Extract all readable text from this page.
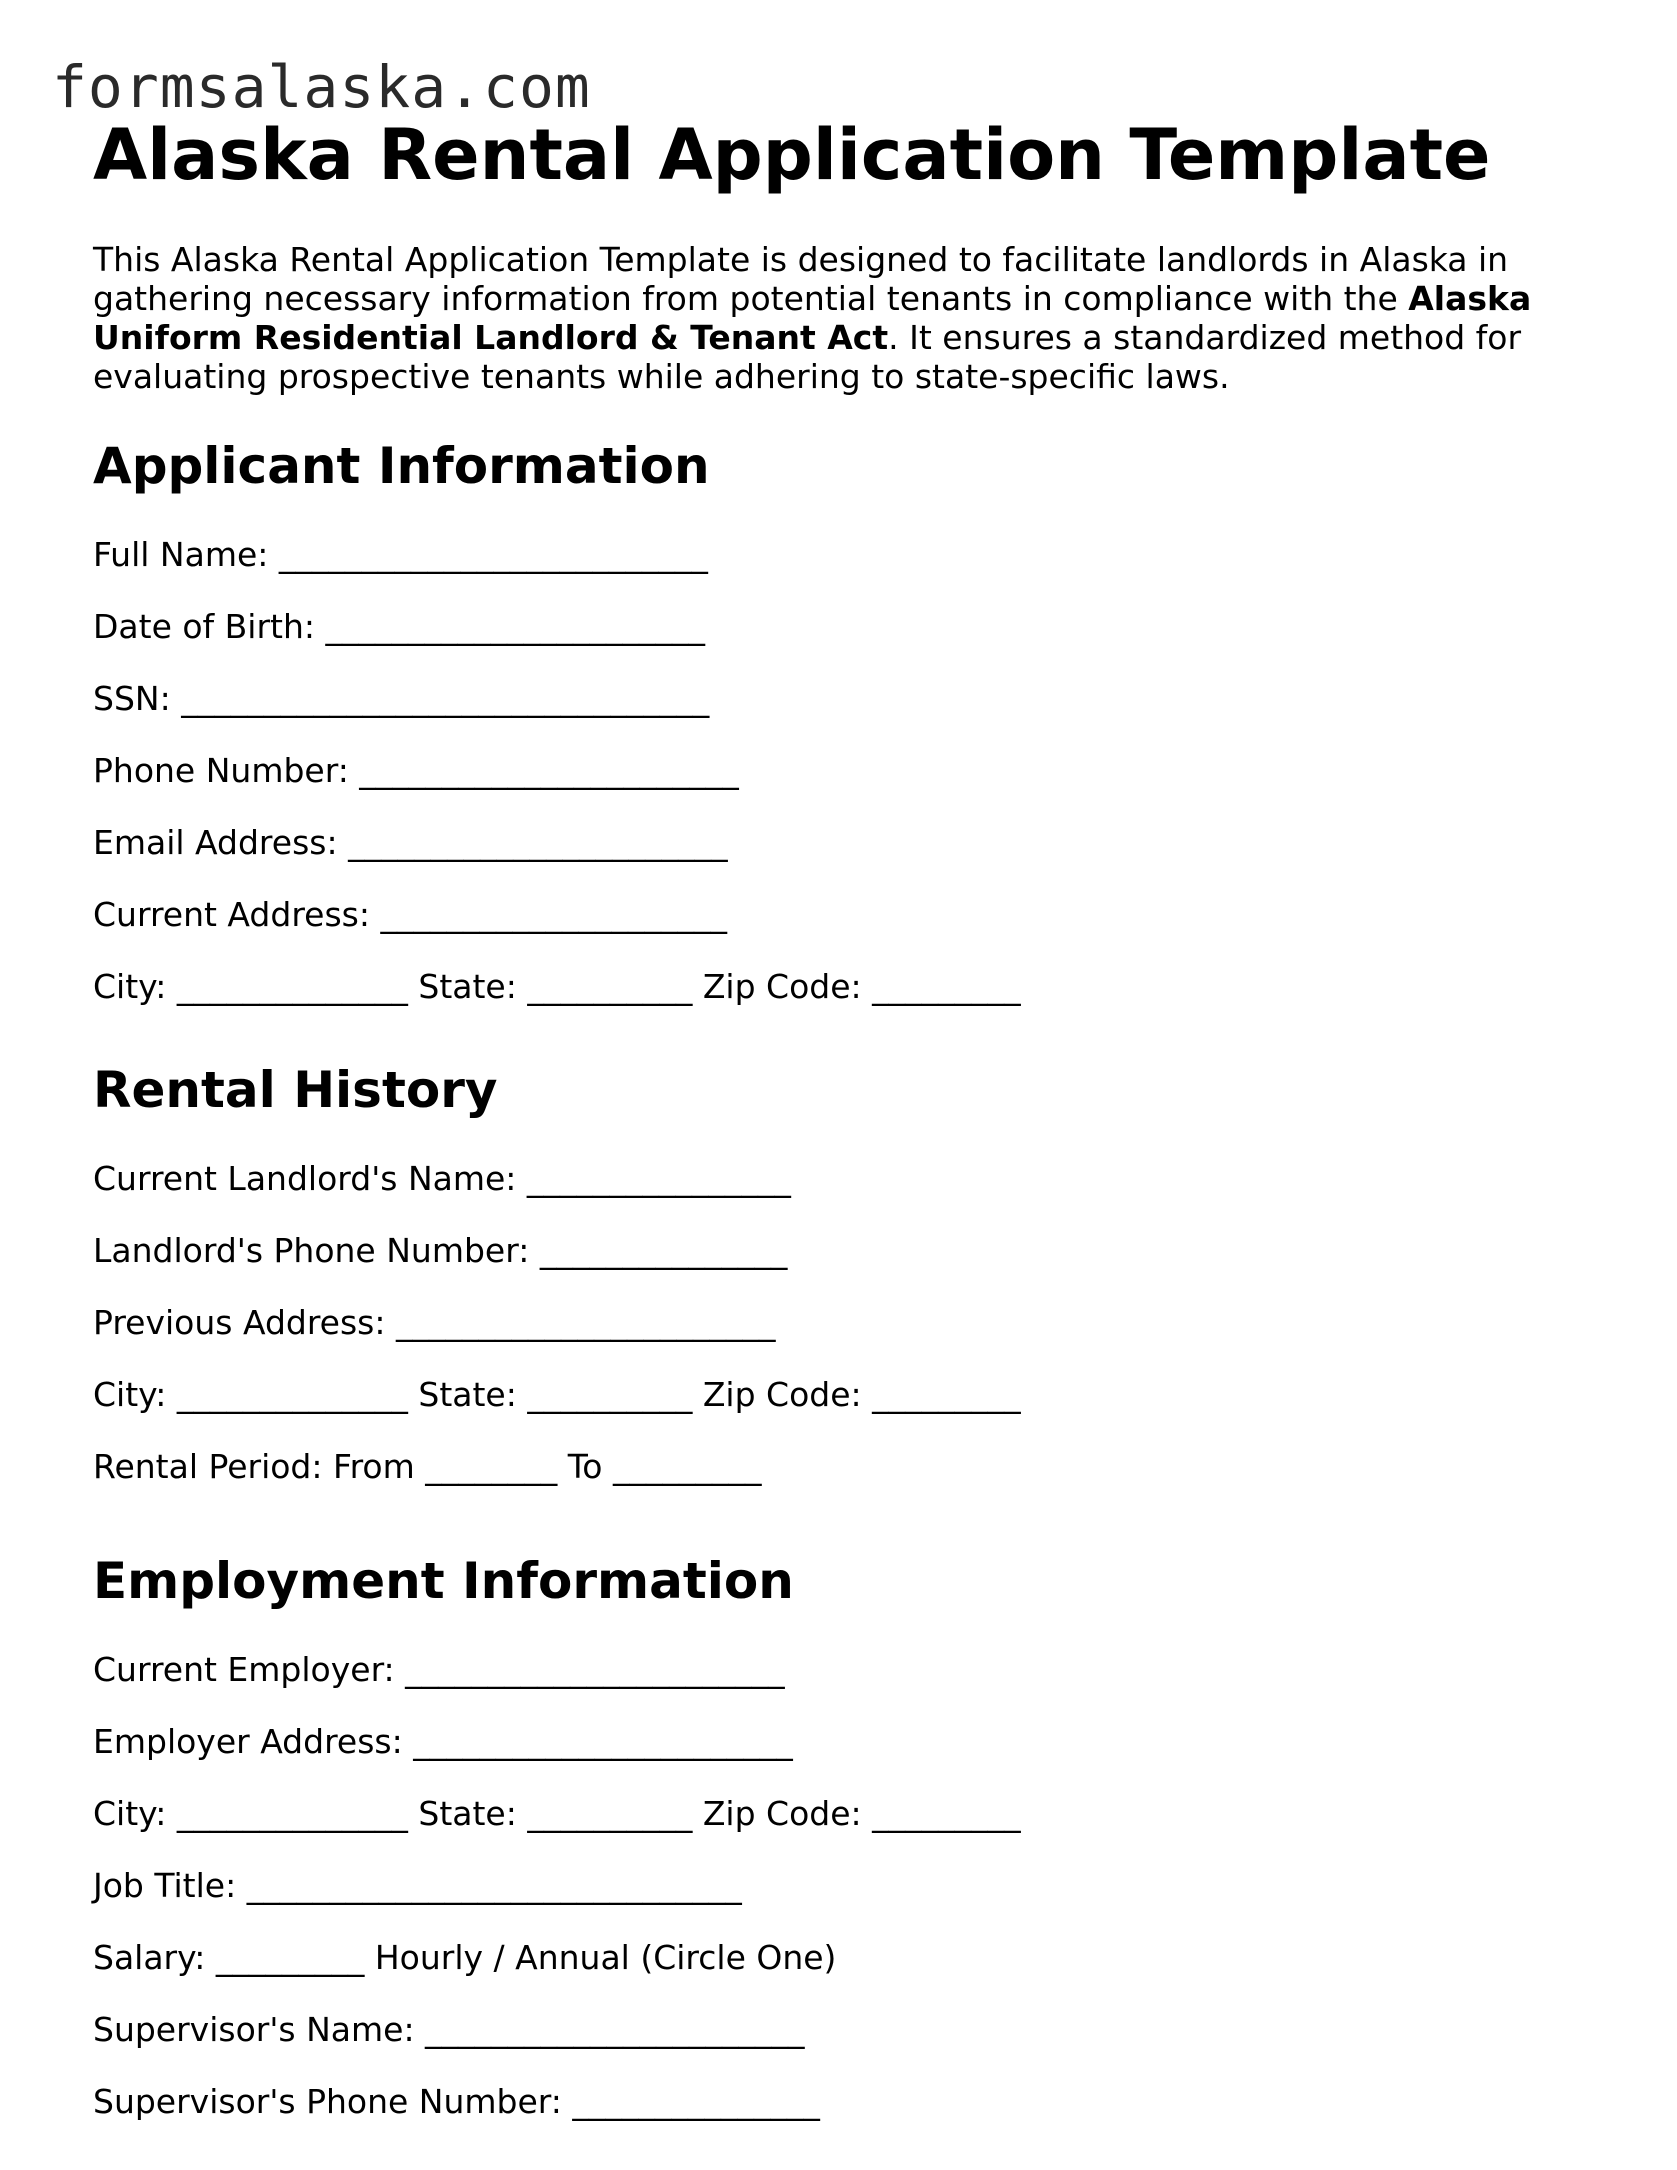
formsalaska.com
Alaska Rental Application Template

This Alaska Rental Application Template is designed to facilitate landlords in Alaska in gathering necessary information from potential tenants in compliance with the Alaska Uniform Residential Landlord & Tenant Act. It ensures a standardized method for evaluating prospective tenants while adhering to state-specific laws.

Applicant Information
Full Name: __________________________
Date of Birth: _______________________
SSN: ________________________________
Phone Number: _______________________
Email Address: _______________________
Current Address: _____________________
City: ______________ State: __________ Zip Code: _________
Rental History
Current Landlord's Name: ________________
Landlord's Phone Number: _______________
Previous Address: _______________________
City: ______________ State: __________ Zip Code: _________
Rental Period: From ________ To _________
Employment Information
Current Employer: _______________________
Employer Address: _______________________
City: ______________ State: __________ Zip Code: _________
Job Title: ______________________________
Salary: _________ Hourly / Annual (Circle One)
Supervisor's Name: _______________________
Supervisor's Phone Number: _______________
